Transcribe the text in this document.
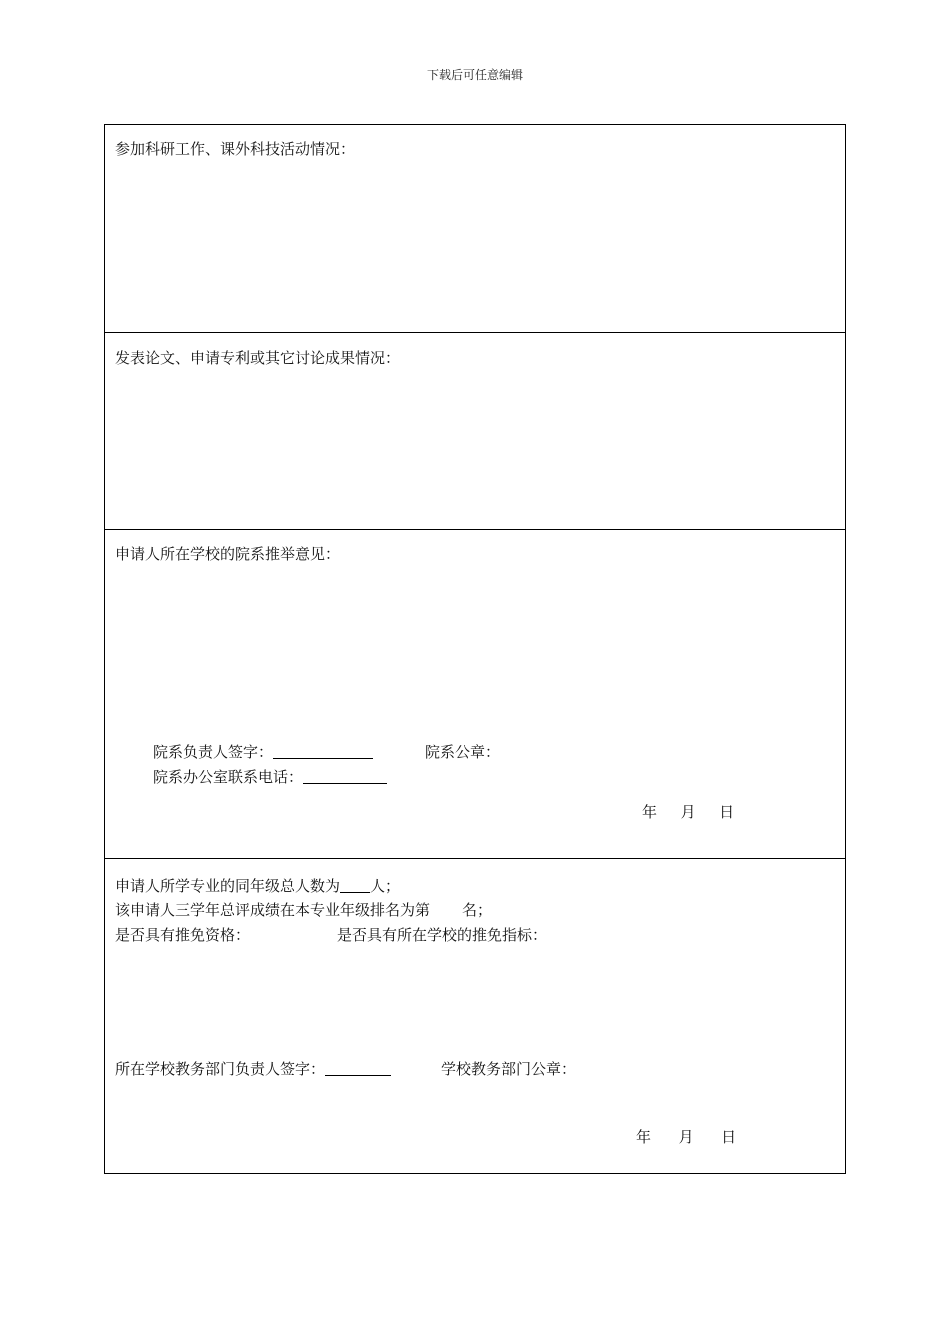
下载后可任意编辑
参加科研工作、课外科技活动情况：
发表论文、申请专利或其它讨论成果情况：
申请人所在学校的院系推举意见：
院系负责人签字：	院系公章：
院系办公室联系电话：
年 月 日
申请人所学专业的同年级总人数为 人；
该申请人三学年总评成绩在本专业年级排名为第 名；
是否具有推免资格：	是否具有所在学校的推免指标：
所在学校教务部门负责人签字：	学校教务部门公章：
年 月 日
